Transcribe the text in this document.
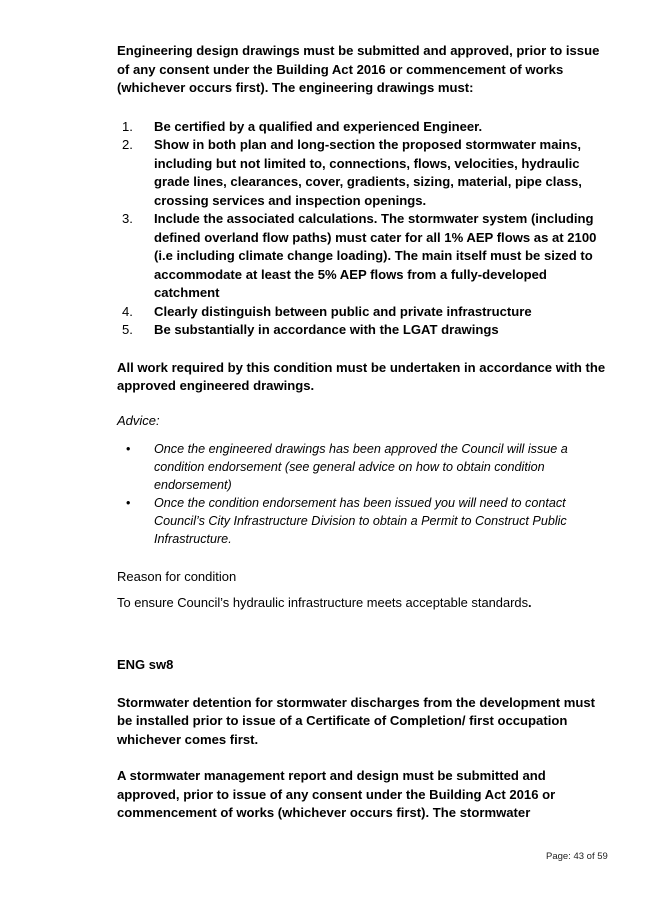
Engineering design drawings must be submitted and approved, prior to issue of any consent under the Building Act 2016 or commencement of works (whichever occurs first). The engineering drawings must:

1. Be certified by a qualified and experienced Engineer.
2. Show in both plan and long-section the proposed stormwater mains, including but not limited to, connections, flows, velocities, hydraulic grade lines, clearances, cover, gradients, sizing, material, pipe class, crossing services and inspection openings.
3. Include the associated calculations. The stormwater system (including defined overland flow paths) must cater for all 1% AEP flows as at 2100 (i.e including climate change loading). The main itself must be sized to accommodate at least the 5% AEP flows from a fully-developed catchment
4. Clearly distinguish between public and private infrastructure
5. Be substantially in accordance with the LGAT drawings

All work required by this condition must be undertaken in accordance with the approved engineered drawings.

Advice:

• Once the engineered drawings has been approved the Council will issue a condition endorsement (see general advice on how to obtain condition endorsement)
• Once the condition endorsement has been issued you will need to contact Council’s City Infrastructure Division to obtain a Permit to Construct Public Infrastructure.

Reason for condition

To ensure Council’s hydraulic infrastructure meets acceptable standards.

ENG sw8

Stormwater detention for stormwater discharges from the development must be installed prior to issue of a Certificate of Completion/ first occupation whichever comes first.

A stormwater management report and design must be submitted and approved, prior to issue of any consent under the Building Act 2016 or commencement of works (whichever occurs first). The stormwater

Page: 43 of 59
